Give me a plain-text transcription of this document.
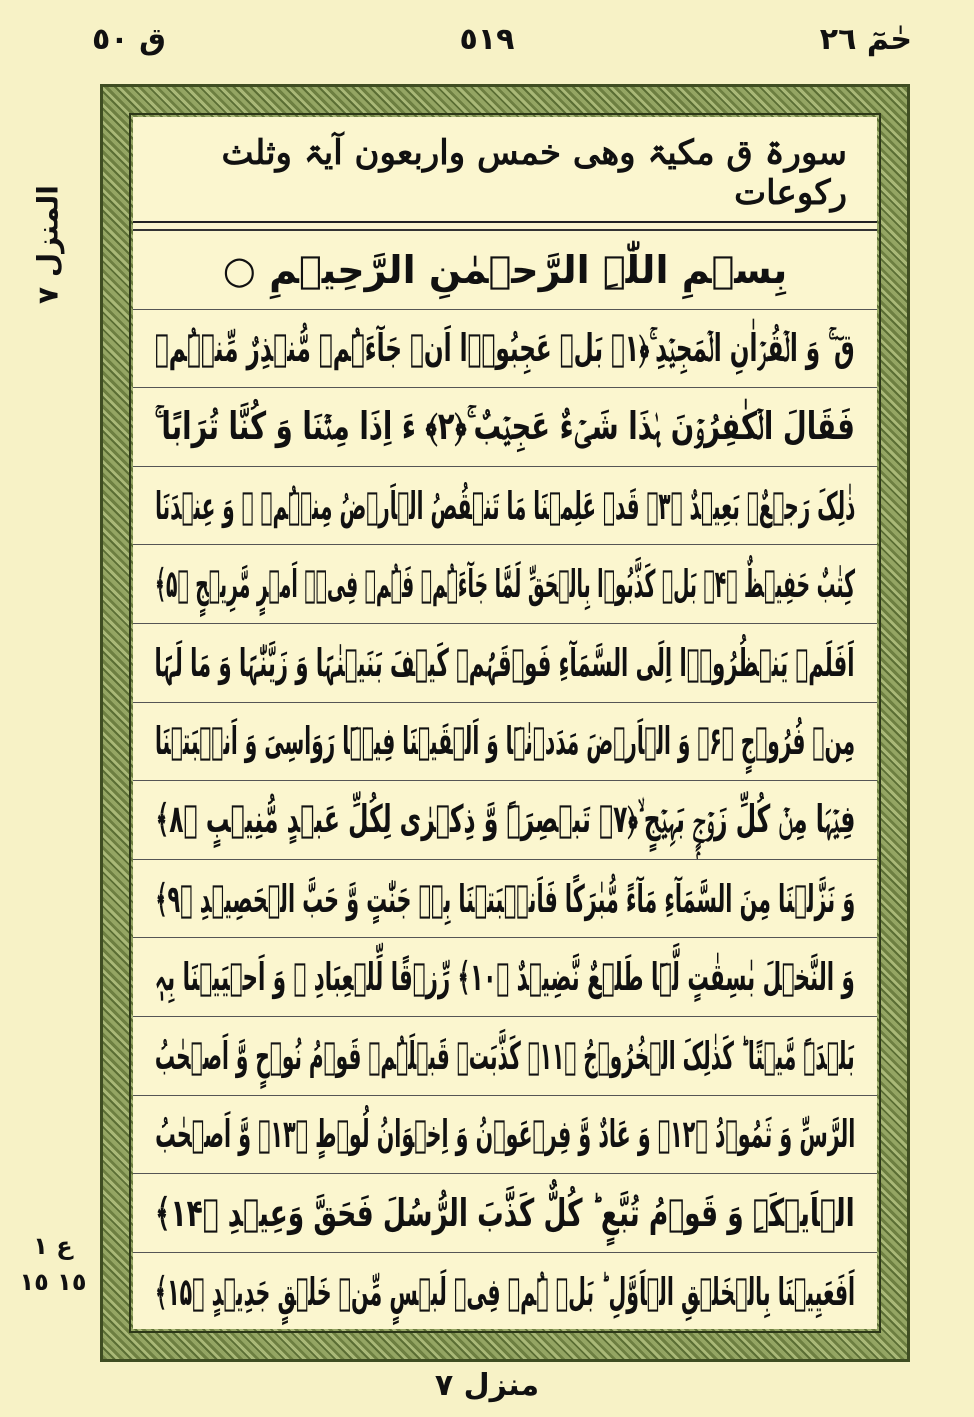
ق ٥٠	٥١٩	حٰمٓ ٢٦
المنزل ٧
ع ١ ١٥ ١٥
سورۃ ق مکیۃ وھی خمس واربعون آیۃ وثلث رکوعات
بِسۡمِ اللّٰہِ الرَّحۡمٰنِ الرَّحِیۡمِ ○
قٓ ۚ وَ الۡقُرۡاٰنِ الۡمَجِیۡدِ ۚ﴿۱﴾ بَلۡ عَجِبُوۡۤا اَنۡ جَآءَہُمۡ مُّنۡذِرٌ مِّنۡہُمۡ
فَقَالَ الۡکٰفِرُوۡنَ ہٰذَا شَیۡءٌ عَجِیۡبٌ ۚ﴿۲﴾ ءَ اِذَا مِتۡنَا وَ کُنَّا تُرَابًا ۚ
ذٰلِکَ رَجۡعٌۢ بَعِیۡدٌ ﴿۳﴾ قَدۡ عَلِمۡنَا مَا تَنۡقُصُ الۡاَرۡضُ مِنۡہُمۡ ۚ وَ عِنۡدَنَا
کِتٰبٌ حَفِیۡظٌ ﴿۴﴾ بَلۡ کَذَّبُوۡا بِالۡحَقِّ لَمَّا جَآءَہُمۡ فَہُمۡ فِیۡۤ اَمۡرٍ مَّرِیۡجٍ ﴿۵﴾
اَفَلَمۡ یَنۡظُرُوۡۤا اِلَی السَّمَآءِ فَوۡقَہُمۡ کَیۡفَ بَنَیۡنٰہَا وَ زَیَّنّٰہَا وَ مَا لَہَا
مِنۡ فُرُوۡجٍ ﴿۶﴾ وَ الۡاَرۡضَ مَدَدۡنٰہَا وَ اَلۡقَیۡنَا فِیۡہَا رَوَاسِیَ وَ اَنۡۢبَتۡنَا
فِیۡہَا مِنۡ کُلِّ زَوۡجٍۭ بَہِیۡجٍ ۙ﴿۷﴾ تَبۡصِرَۃً وَّ ذِکۡرٰی لِکُلِّ عَبۡدٍ مُّنِیۡبٍ ﴿۸﴾
وَ نَزَّلۡنَا مِنَ السَّمَآءِ مَآءً مُّبٰرَکًا فَاَنۡۢبَتۡنَا بِہٖ جَنّٰتٍ وَّ حَبَّ الۡحَصِیۡدِ ﴿۹﴾
وَ النَّخۡلَ بٰسِقٰتٍ لَّہَا طَلۡعٌ نَّضِیۡدٌ ﴿۱۰﴾ رِّزۡقًا لِّلۡعِبَادِ ۙ وَ اَحۡیَیۡنَا بِہٖ
بَلۡدَۃً مَّیۡتًا ؕ کَذٰلِکَ الۡخُرُوۡجُ ﴿۱۱﴾ کَذَّبَتۡ قَبۡلَہُمۡ قَوۡمُ نُوۡحٍ وَّ اَصۡحٰبُ
الرَّسِّ وَ ثَمُوۡدُ ﴿۱۲﴾ وَ عَادٌ وَّ فِرۡعَوۡنُ وَ اِخۡوَانُ لُوۡطٍ ﴿۱۳﴾ وَّ اَصۡحٰبُ
الۡاَیۡکَۃِ وَ قَوۡمُ تُبَّعٍ ؕ کُلٌّ کَذَّبَ الرُّسُلَ فَحَقَّ وَعِیۡدِ ﴿۱۴﴾
اَفَعَیِیۡنَا بِالۡخَلۡقِ الۡاَوَّلِ ؕ بَلۡ ہُمۡ فِیۡ لَبۡسٍ مِّنۡ خَلۡقٍ جَدِیۡدٍ ﴿۱۵﴾
منزل ٧
